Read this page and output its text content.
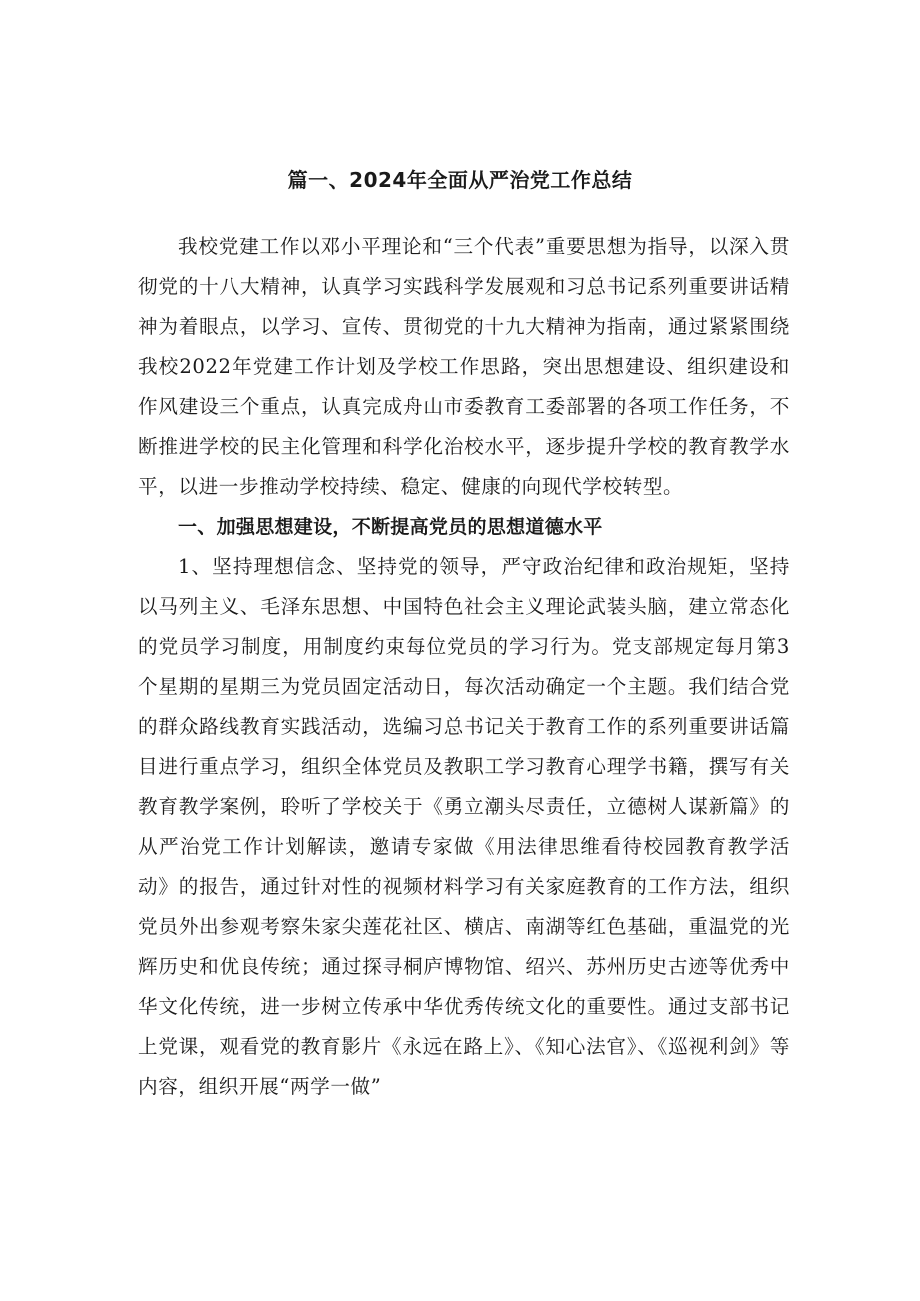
篇一、2024年全面从严治党工作总结

我校党建工作以邓小平理论和“三个代表”重要思想为指导，以深入贯彻党的十八大精神，认真学习实践科学发展观和习总书记系列重要讲话精神为着眼点，以学习、宣传、贯彻党的十九大精神为指南，通过紧紧围绕我校2022年党建工作计划及学校工作思路，突出思想建设、组织建设和作风建设三个重点，认真完成舟山市委教育工委部署的各项工作任务，不断推进学校的民主化管理和科学化治校水平，逐步提升学校的教育教学水平，以进一步推动学校持续、稳定、健康的向现代学校转型。

一、加强思想建设，不断提高党员的思想道德水平

1、坚持理想信念、坚持党的领导，严守政治纪律和政治规矩，坚持以马列主义、毛泽东思想、中国特色社会主义理论武装头脑，建立常态化的党员学习制度，用制度约束每位党员的学习行为。党支部规定每月第3个星期的星期三为党员固定活动日，每次活动确定一个主题。我们结合党的群众路线教育实践活动，选编习总书记关于教育工作的系列重要讲话篇目进行重点学习，组织全体党员及教职工学习教育心理学书籍，撰写有关教育教学案例，聆听了学校关于《勇立潮头尽责任，立德树人谋新篇》的从严治党工作计划解读，邀请专家做《用法律思维看待校园教育教学活动》的报告，通过针对性的视频材料学习有关家庭教育的工作方法，组织党员外出参观考察朱家尖莲花社区、横店、南湖等红色基础，重温党的光辉历史和优良传统；通过探寻桐庐博物馆、绍兴、苏州历史古迹等优秀中华文化传统，进一步树立传承中华优秀传统文化的重要性。通过支部书记上党课，观看党的教育影片《永远在路上》、《知心法官》、《巡视利剑》等内容，组织开展“两学一做”
